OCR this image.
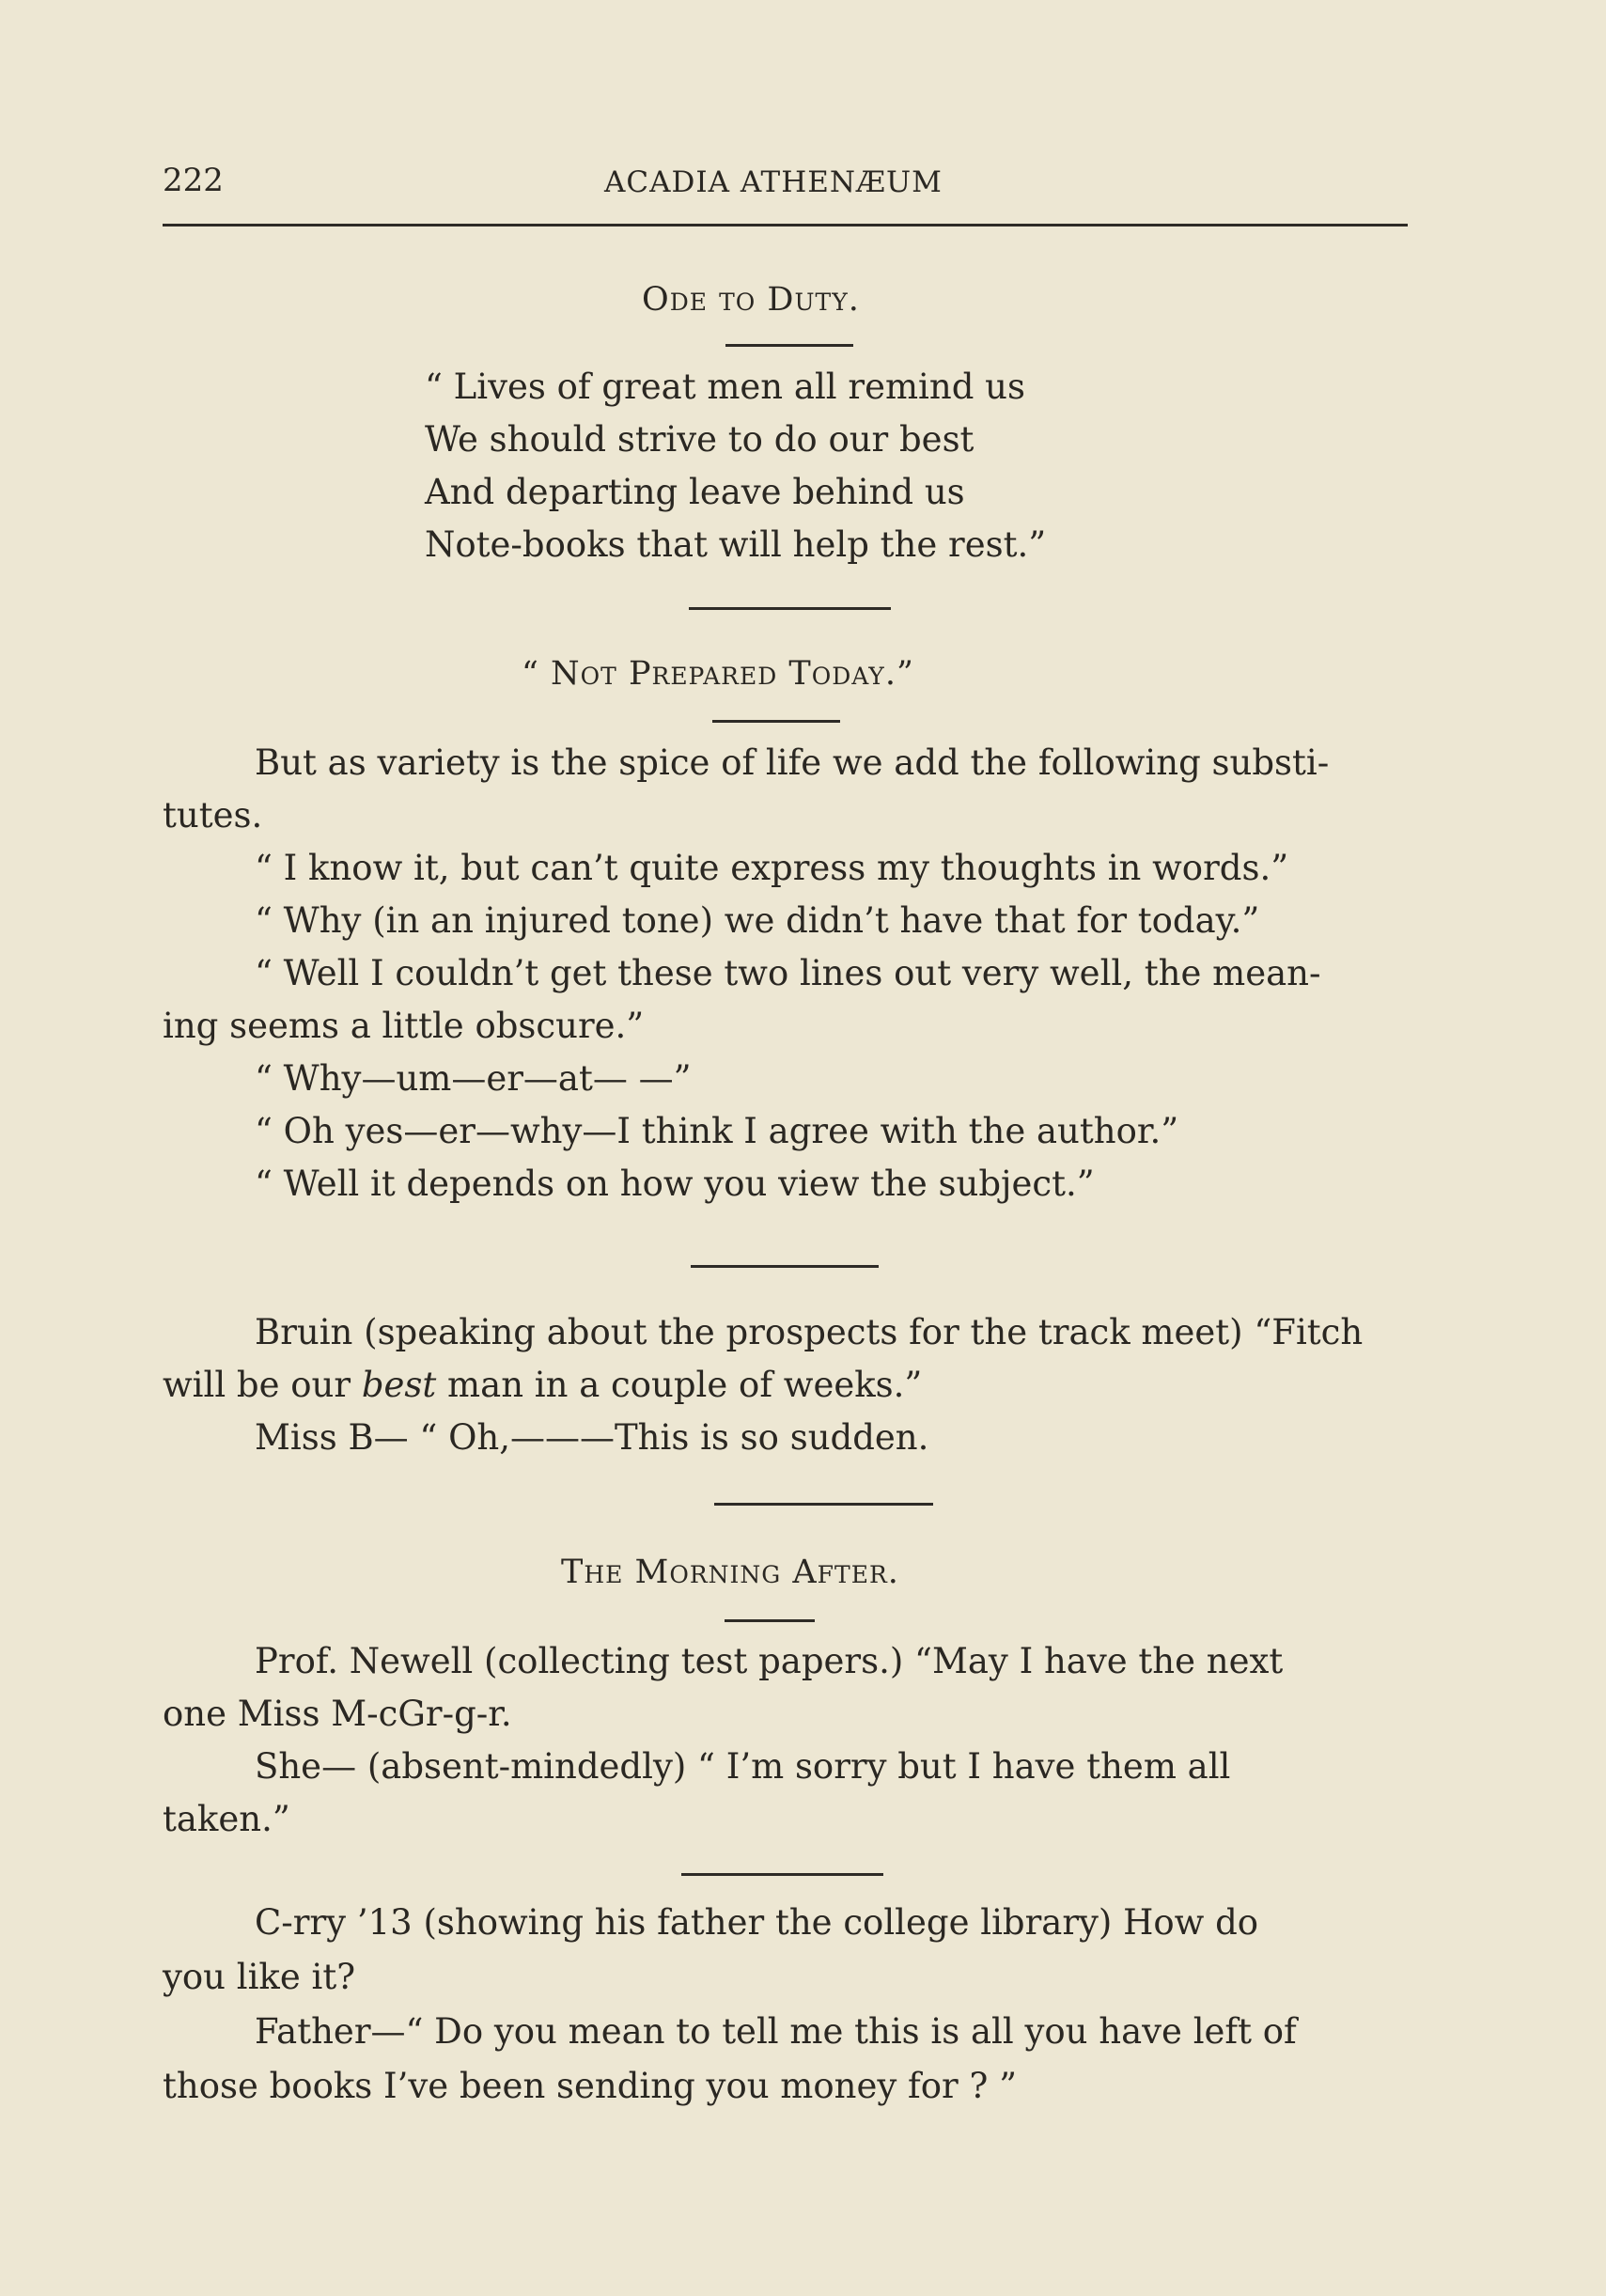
222	ACADIA ATHENÆUM
Ode to Duty.
“ Lives of great men all remind us
We should strive to do our best
And departing leave behind us
Note-books that will help the rest.”
“ Not Prepared Today.”
But as variety is the spice of life we add the following substi-
tutes.
“ I know it, but can’t quite express my thoughts in words.”
“ Why (in an injured tone) we didn’t have that for today.”
“ Well I couldn’t get these two lines out very well, the mean-
ing seems a little obscure.”
“ Why—um—er—at— —”
“ Oh yes—er—why—I think I agree with the author.”
“ Well it depends on how you view the subject.”
Bruin (speaking about the prospects for the track meet) “Fitch
will be our best man in a couple of weeks.”
Miss B— “ Oh,———This is so sudden.
The Morning After.
Prof. Newell (collecting test papers.) “May I have the next
one Miss M-cGr-g-r.
She— (absent-mindedly) “ I’m sorry but I have them all
taken.”
C-rry ’13 (showing his father the college library) How do
you like it?
Father—“ Do you mean to tell me this is all you have left of
those books I’ve been sending you money for ? ”
